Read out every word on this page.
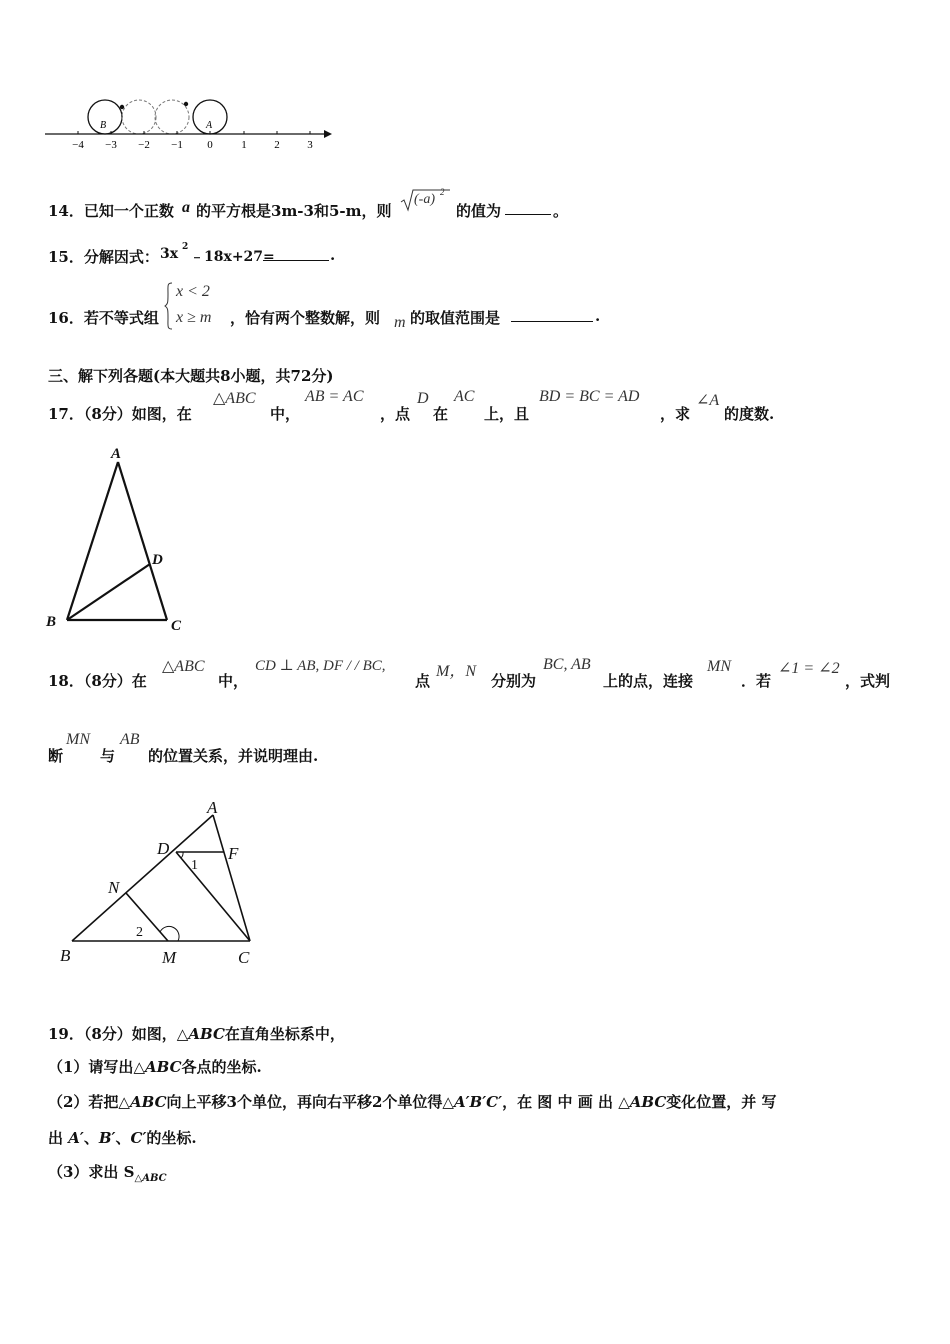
B	A
−4 −3 −2 −1 0	1	2	3
14．已知一个正数 a 的平方根是3m-3和5-m，则
(-a) 2
的值为	。
15．分解因式： 3x 2
﹣18x+27=	.
16．若不等式组
x < 2
x ≥ m ，恰有两个整数解，则 m 的取值范围是	.
三、解下列各题(本大题共8小题，共72分)
17．（8分）如图，在
△ABC
中，
AB = AC
，点
D
在
AC
上，且
BD = BC = AD
，求
∠A
的度数.
A
B	C
D
18．（8分）在
△ABC
中，
CD ⊥ AB, DF / / BC,
点
M，N
分别为
BC, AB
上的点，连接
MN
．若
∠1 = ∠2
，式判
断
MN
与
AB
的位置关系，并说明理由.
A
D	F
N
B	M	C
1
2
19．（8分）如图，△ABC在直角坐标系中，
（1）请写出△ABC各点的坐标.
（2）若把△ABC向上平移3个单位，再向右平移2个单位得△A′B′C′，在 图 中 画 出 △ABC变化位置，并 写
出 A′、B′、C′的坐标.
（3）求出 $S_{\triangle ABC}$
